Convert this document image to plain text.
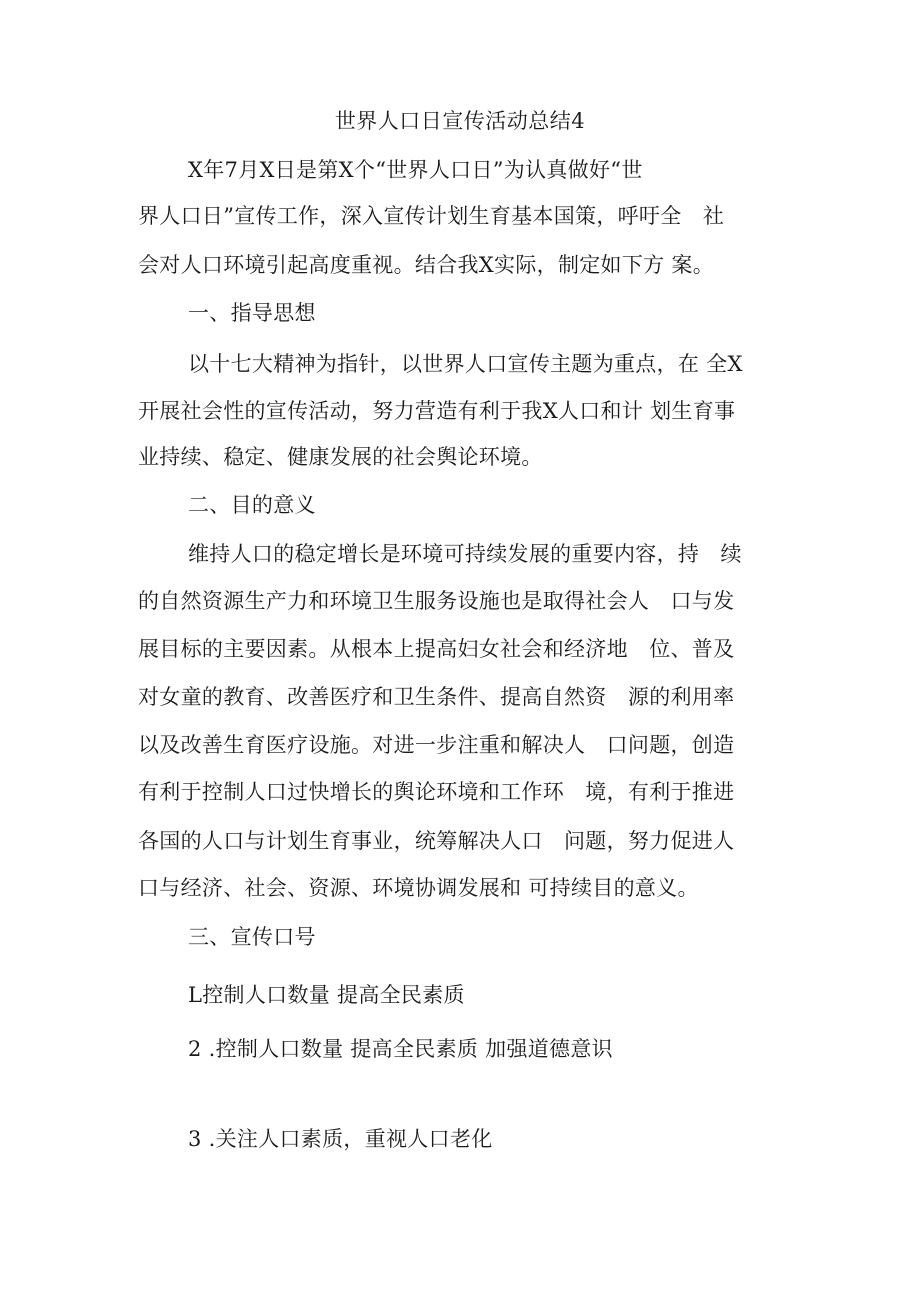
世界人口日宣传活动总结4
X年7月X日是第X个“世界人口日”为认真做好“世
界人口日”宣传工作，深入宣传计划生育基本国策，呼吁全　社
会对人口环境引起高度重视。结合我X实际，制定如下方 案。
一、指导思想
以十七大精神为指针，以世界人口宣传主题为重点，在 全X
开展社会性的宣传活动，努力营造有利于我X人口和计 划生育事
业持续、稳定、健康发展的社会舆论环境。
二、目的意义
维持人口的稳定增长是环境可持续发展的重要内容，持　续
的自然资源生产力和环境卫生服务设施也是取得社会人　口与发
展目标的主要因素。从根本上提高妇女社会和经济地　位、普及
对女童的教育、改善医疗和卫生条件、提高自然资　源的利用率
以及改善生育医疗设施。对进一步注重和解决人　口问题，创造
有利于控制人口过快增长的舆论环境和工作环　境，有利于推进
各国的人口与计划生育事业，统筹解决人口　问题，努力促进人
口与经济、社会、资源、环境协调发展和 可持续目的意义。
三、宣传口号
L控制人口数量 提高全民素质
2 .控制人口数量 提高全民素质 加强道德意识
3 .关注人口素质，重视人口老化
